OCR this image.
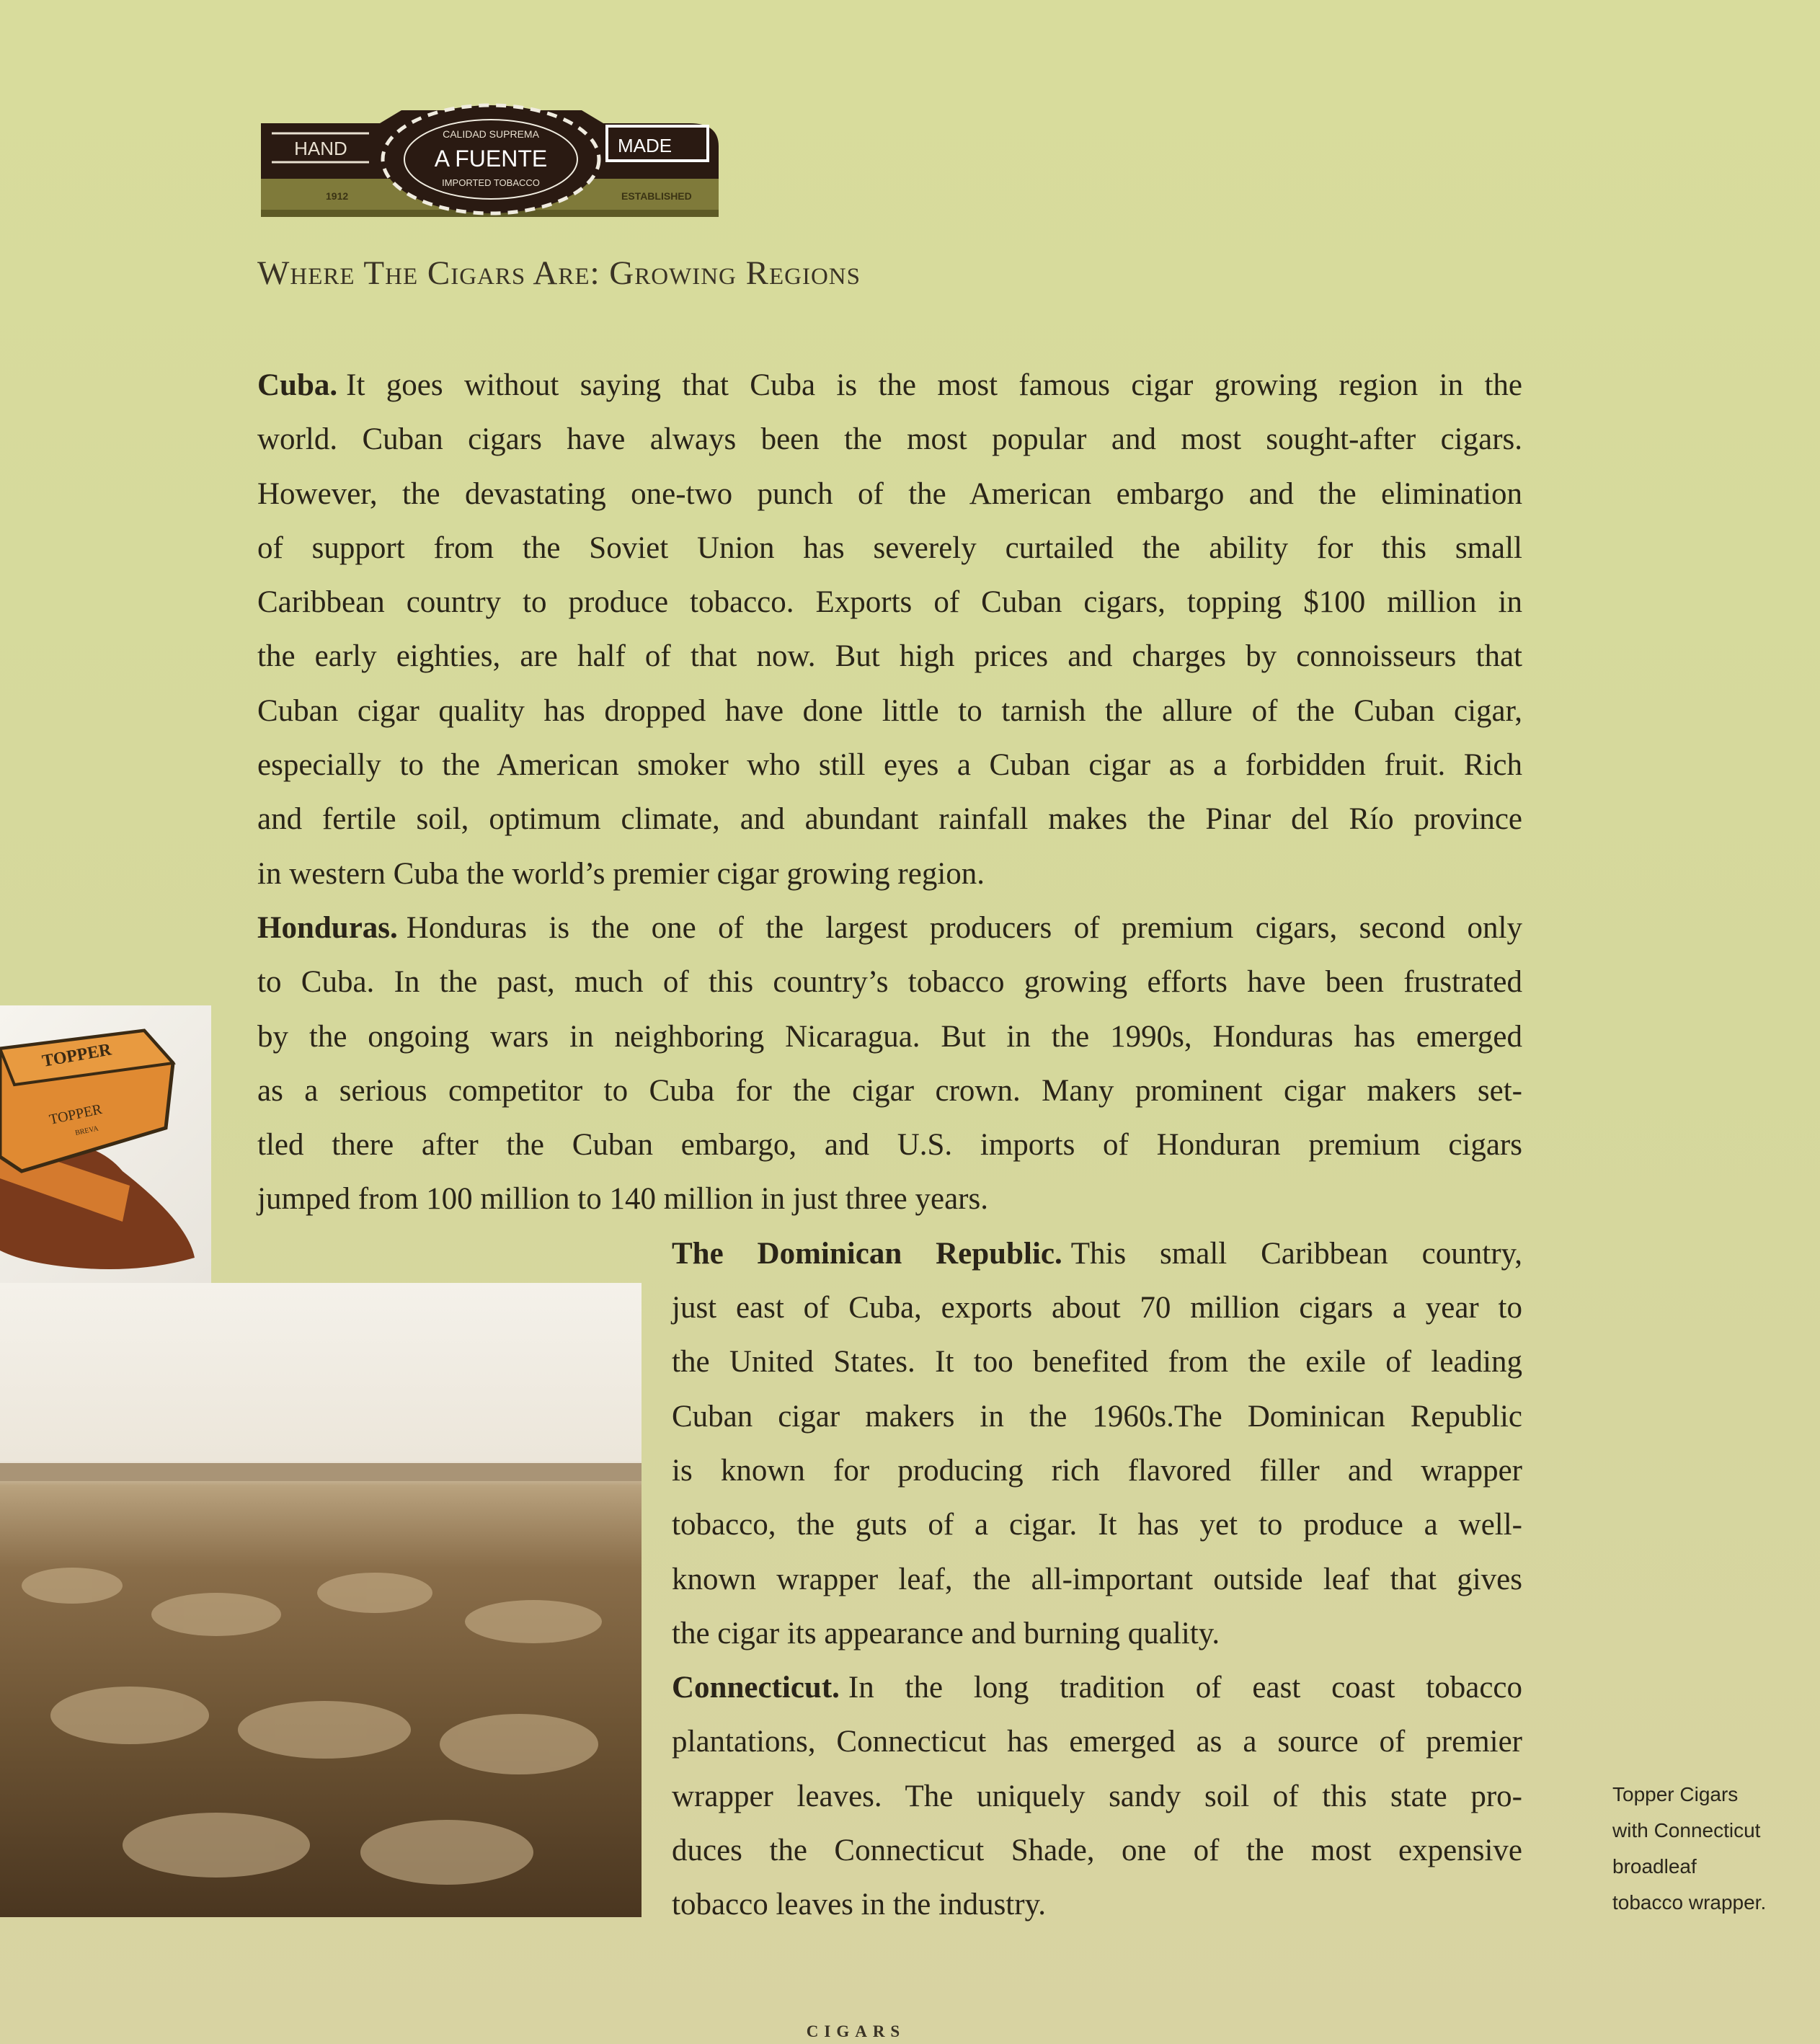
HAND
CALIDAD SUPREMA
A FUENTE
IMPORTED TOBACCO
MADE
1912	ESTABLISHED
Where The Cigars Are: Growing Regions
Cuba. It goes without saying that Cuba is the most famous cigar growing region in the
world. Cuban cigars have always been the most popular and most sought-after cigars.
However, the devastating one-two punch of the American embargo and the elimination
of support from the Soviet Union has severely curtailed the ability for this small
Caribbean country to produce tobacco. Exports of Cuban cigars, topping $100 million in
the early eighties, are half of that now. But high prices and charges by connoisseurs that
Cuban cigar quality has dropped have done little to tarnish the allure of the Cuban cigar,
especially to the American smoker who still eyes a Cuban cigar as a forbidden fruit. Rich
and fertile soil, optimum climate, and abundant rainfall makes the Pinar del Río province
in western Cuba the world’s premier cigar growing region.
Honduras. Honduras is the one of the largest producers of premium cigars, second only
to Cuba. In the past, much of this country’s tobacco growing efforts have been frustrated
by the ongoing wars in neighboring Nicaragua. But in the 1990s, Honduras has emerged
as a serious competitor to Cuba for the cigar crown. Many prominent cigar makers set-
tled there after the Cuban embargo, and U.S. imports of Honduran premium cigars
jumped from 100 million to 140 million in just three years.
The Dominican Republic. This small Caribbean country,
just east of Cuba, exports about 70 million cigars a year to
the United States. It too benefited from the exile of leading
Cuban cigar makers in the 1960s.The Dominican Republic
is known for producing rich flavored filler and wrapper
tobacco, the guts of a cigar. It has yet to produce a well-
known wrapper leaf, the all-important outside leaf that gives
the cigar its appearance and burning quality.
Connecticut. In the long tradition of east coast tobacco
plantations, Connecticut has emerged as a source of premier
wrapper leaves. The uniquely sandy soil of this state pro-
duces the Connecticut Shade, one of the most expensive
tobacco leaves in the industry.
TOPPER
TOPPER
BREVA
Topper Cigars
with Connecticut
broadleaf
tobacco wrapper.
CIGARS
